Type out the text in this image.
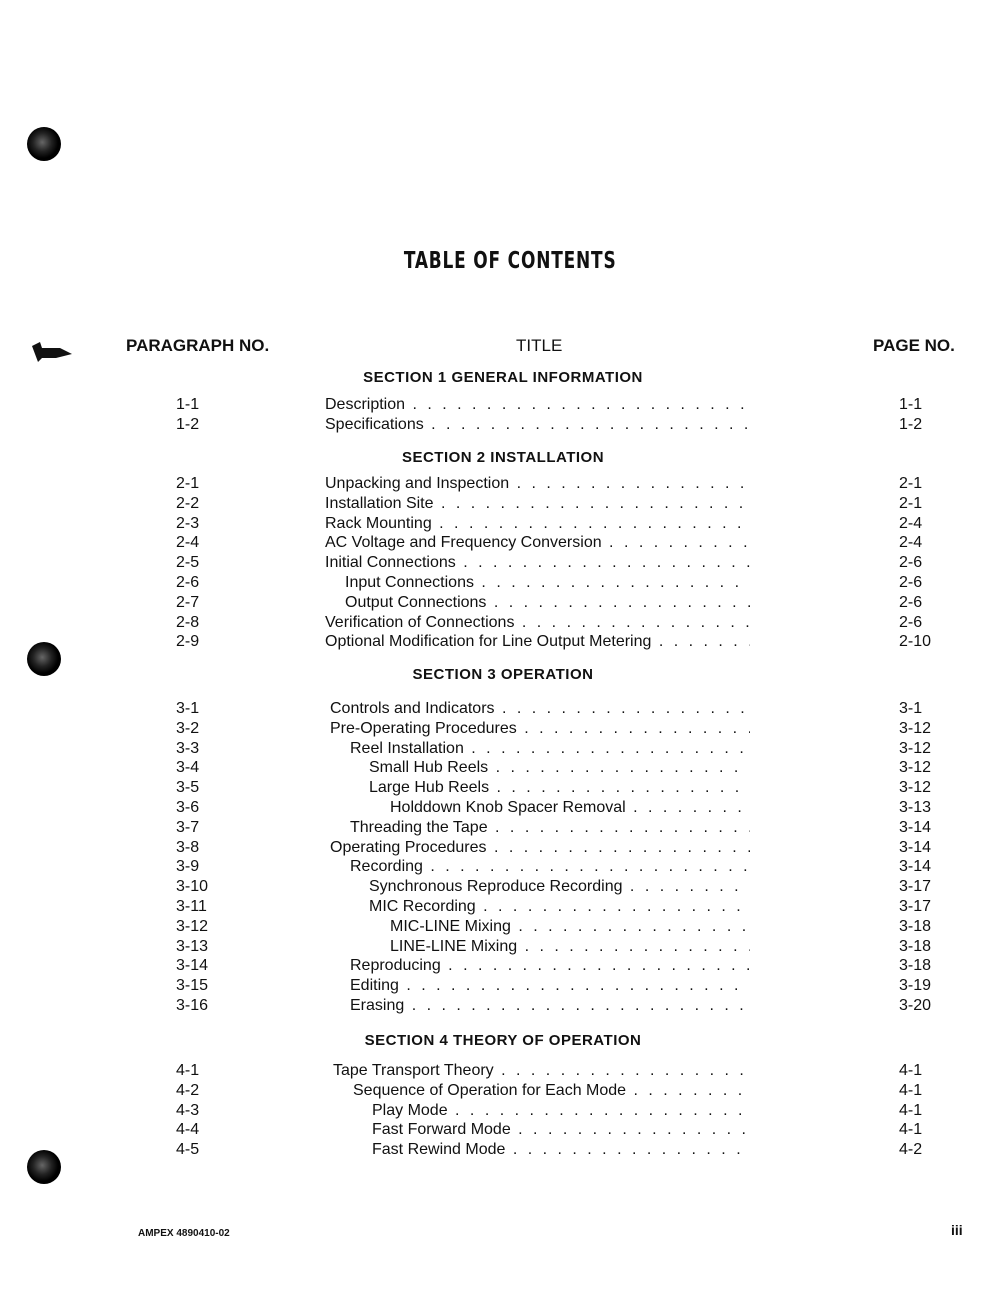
TABLE OF CONTENTS
PARAGRAPH NO.	TITLE	PAGE NO.
SECTION 1 GENERAL INFORMATION
1-1	Description . . .	1-1
1-2	Specifications . . .	1-2
SECTION 2 INSTALLATION
2-1	Unpacking and Inspection . . .	2-1
2-2	Installation Site . . .	2-1
2-3	Rack Mounting . . .	2-4
2-4	AC Voltage and Frequency Conversion . . .	2-4
2-5	Initial Connections . . .	2-6
2-6	Input Connections . . .	2-6
2-7	Output Connections . . .	2-6
2-8	Verification of Connections . . .	2-6
2-9	Optional Modification for Line Output Metering . . .	2-10
SECTION 3 OPERATION
3-1	Controls and Indicators . . .	3-1
3-2	Pre-Operating Procedures . . .	3-12
3-3	Reel Installation . . .	3-12
3-4	Small Hub Reels . . .	3-12
3-5	Large Hub Reels . . .	3-12
3-6	Holddown Knob Spacer Removal . . .	3-13
3-7	Threading the Tape . . .	3-14
3-8	Operating Procedures . . .	3-14
3-9	Recording . . .	3-14
3-10	Synchronous Reproduce Recording . . .	3-17
3-11	MIC Recording . . .	3-17
3-12	MIC-LINE Mixing . . .	3-18
3-13	LINE-LINE Mixing . . .	3-18
3-14	Reproducing . . .	3-18
3-15	Editing . . .	3-19
3-16	Erasing . . .	3-20
SECTION 4 THEORY OF OPERATION
4-1	Tape Transport Theory . . .	4-1
4-2	Sequence of Operation for Each Mode . . .	4-1
4-3	Play Mode . . .	4-1
4-4	Fast Forward Mode . . .	4-1
4-5	Fast Rewind Mode . . .	4-2
AMPEX 4890410-02	iii
